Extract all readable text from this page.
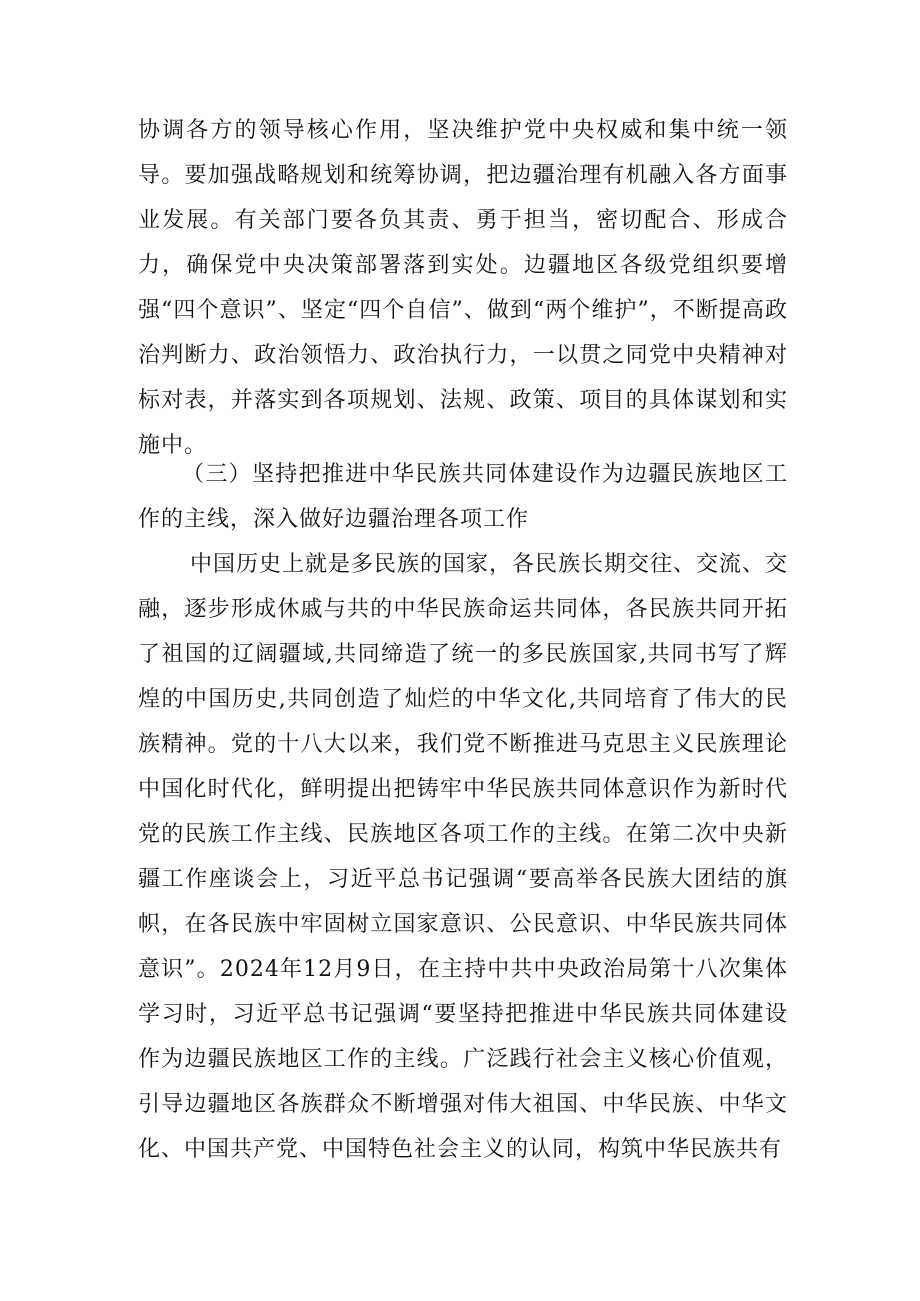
协调各方的领导核心作用，坚决维护党中央权威和集中统一领导。要加强战略规划和统筹协调，把边疆治理有机融入各方面事业发展。有关部门要各负其责、勇于担当，密切配合、形成合力，确保党中央决策部署落到实处。边疆地区各级党组织要增强“四个意识”、坚定“四个自信”、做到“两个维护”，不断提高政治判断力、政治领悟力、政治执行力，一以贯之同党中央精神对标对表，并落实到各项规划、法规、政策、项目的具体谋划和实施中。

（三）坚持把推进中华民族共同体建设作为边疆民族地区工作的主线，深入做好边疆治理各项工作

中国历史上就是多民族的国家，各民族长期交往、交流、交融，逐步形成休戚与共的中华民族命运共同体，各民族共同开拓了祖国的辽阔疆域,共同缔造了统一的多民族国家,共同书写了辉煌的中国历史,共同创造了灿烂的中华文化,共同培育了伟大的民族精神。党的十八大以来，我们党不断推进马克思主义民族理论中国化时代化，鲜明提出把铸牢中华民族共同体意识作为新时代党的民族工作主线、民族地区各项工作的主线。在第二次中央新疆工作座谈会上，习近平总书记强调“要高举各民族大团结的旗帜，在各民族中牢固树立国家意识、公民意识、中华民族共同体意识”。2024年12月9日，在主持中共中央政治局第十八次集体学习时，习近平总书记强调“要坚持把推进中华民族共同体建设作为边疆民族地区工作的主线。广泛践行社会主义核心价值观，引导边疆地区各族群众不断增强对伟大祖国、中华民族、中华文化、中国共产党、中国特色社会主义的认同，构筑中华民族共有
